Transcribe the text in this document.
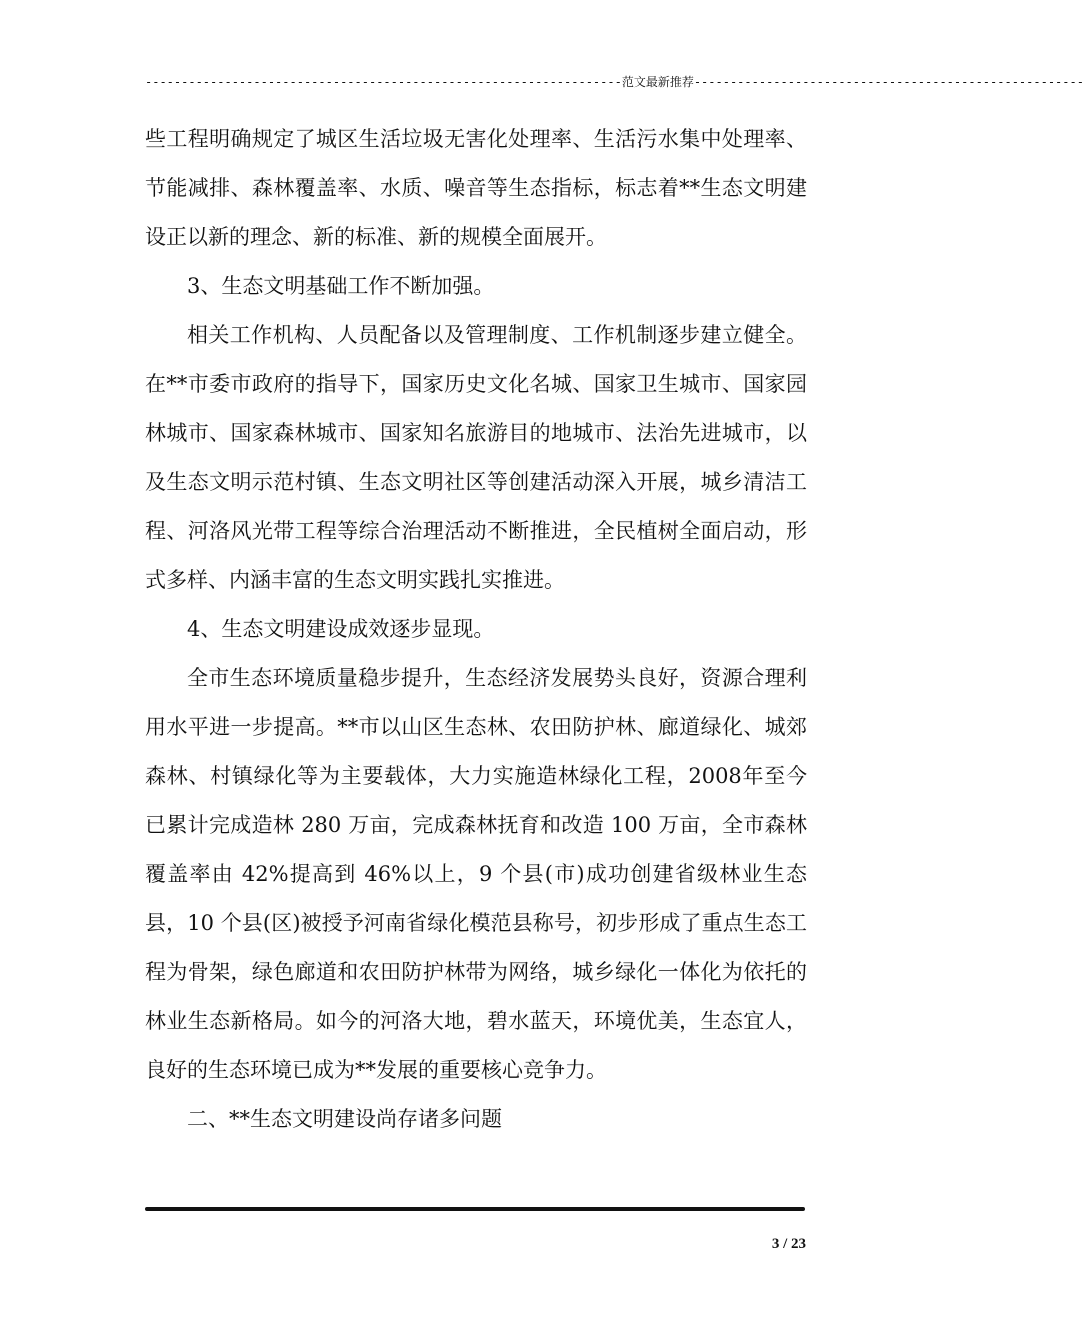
------------------------------------------------------------------范文最新推荐------------------------------------------------------

些工程明确规定了城区生活垃圾无害化处理率、生活污水集中处理率、节能减排、森林覆盖率、水质、噪音等生态指标，标志着**生态文明建设正以新的理念、新的标准、新的规模全面展开。

3、生态文明基础工作不断加强。

相关工作机构、人员配备以及管理制度、工作机制逐步建立健全。在**市委市政府的指导下，国家历史文化名城、国家卫生城市、国家园林城市、国家森林城市、国家知名旅游目的地城市、法治先进城市，以及生态文明示范村镇、生态文明社区等创建活动深入开展，城乡清洁工程、河洛风光带工程等综合治理活动不断推进，全民植树全面启动，形式多样、内涵丰富的生态文明实践扎实推进。

4、生态文明建设成效逐步显现。

全市生态环境质量稳步提升，生态经济发展势头良好，资源合理利用水平进一步提高。**市以山区生态林、农田防护林、廊道绿化、城郊森林、村镇绿化等为主要载体，大力实施造林绿化工程，2008年至今已累计完成造林 280 万亩，完成森林抚育和改造 100 万亩，全市森林覆盖率由 42%提高到 46%以上，9 个县(市)成功创建省级林业生态县，10 个县(区)被授予河南省绿化模范县称号，初步形成了重点生态工程为骨架，绿色廊道和农田防护林带为网络，城乡绿化一体化为依托的林业生态新格局。如今的河洛大地，碧水蓝天，环境优美，生态宜人，良好的生态环境已成为**发展的重要核心竞争力。

二、**生态文明建设尚存诸多问题

3 / 23
